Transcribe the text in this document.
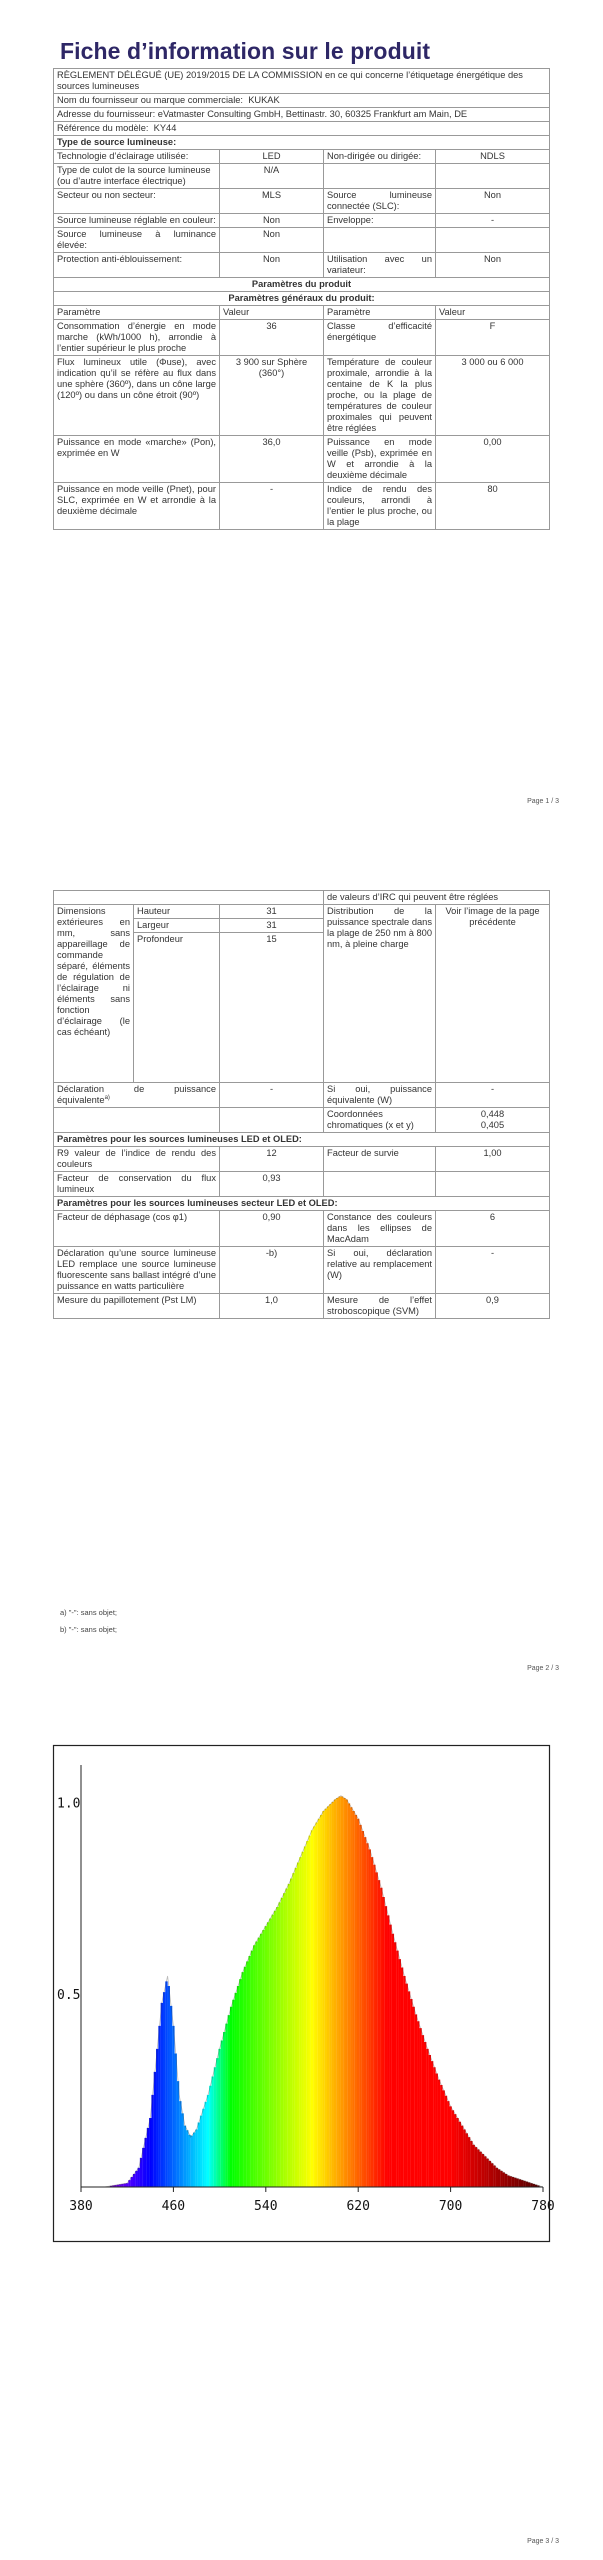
Fiche d’information sur le produit
RÈGLEMENT DÉLÉGUÉ (UE) 2019/2015 DE LA COMMISSION en ce qui concerne l’étiquetage énergétique des sources lumineuses			
Nom du fournisseur ou marque commerciale: KUKAK			
Adresse du fournisseur: eVatmaster Consulting GmbH, Bettinastr. 30, 60325 Frankfurt am Main, DE			
Référence du modèle: KY44			
Type de source lumineuse:			
Technologie d’éclairage utilisée:	LED	Non-dirigée ou dirigée:	NDLS
Type de culot de la source lumineuse
(ou d’autre interface électrique)	N/A		
Secteur ou non secteur:	MLS	Source lumineuse connectée (SLC):	Non
Source lumineuse réglable en couleur:	Non	Enveloppe:	-
Source lumineuse à luminance élevée:	Non		
Protection anti-éblouissement:	Non	Utilisation avec un variateur:	Non
Paramètres du produit			
Paramètres généraux du produit:			
Paramètre	Valeur	Paramètre	Valeur
Consommation d’énergie en mode marche (kWh/1000 h), arrondie à l’entier supérieur le plus proche	36	Classe d’efficacité énergétique	F
Flux lumineux utile (Φuse), avec indication qu’il se réfère au flux dans une sphère (360º), dans un cône large (120º) ou dans un cône étroit (90º)	3 900 sur Sphère (360°)	Température de couleur proximale, arrondie à la centaine de K la plus proche, ou la plage de températures de couleur proximales qui peuvent être réglées	3 000 ou 6 000
Puissance en mode «marche» (Pon), exprimée en W	36,0	Puissance en mode veille (Psb), exprimée en W et arrondie à la deuxième décimale	0,00
Puissance en mode veille (Pnet), pour SLC, exprimée en W et arrondie à la deuxième décimale	-	Indice de rendu des couleurs, arrondi à l’entier le plus proche, ou la plage	80
Page 1 / 3
			de valeurs d’IRC qui peuvent être réglées	
Dimensions extérieures en mm, sans appareillage de commande séparé, éléments de régulation de l’éclairage ni éléments sans fonction d’éclairage (le cas échéant)	Hauteur	31	Distribution de la puissance spectrale dans la plage de 250 nm à 800 nm, à pleine charge	Voir l’image de la page précédente
	Largeur	31		
	Profondeur	15		
Déclaration de puissance équivalente$^{a)}$		-	Si oui, puissance équivalente (W)	-
			Coordonnées chromatiques (x et y)	0,448
0,405
Paramètres pour les sources lumineuses LED et OLED:				
R9 valeur de l’indice de rendu des couleurs		12	Facteur de survie	1,00
Facteur de conservation du flux lumineux		0,93		
Paramètres pour les sources lumineuses secteur LED et OLED:				
Facteur de déphasage (cos φ1)		0,90	Constance des couleurs dans les ellipses de MacAdam	6
Déclaration qu’une source lumineuse LED remplace une source lumineuse fluorescente sans ballast intégré d’une puissance en watts particulière		-b)	Si oui, déclaration relative au remplacement (W)	-
Mesure du papillotement (Pst LM)		1,0	Mesure de l’effet stroboscopique (SVM)	0,9
a) "-": sans objet;
b) "-": sans objet;
Page 2 / 3
Page 3 / 3
380	460	540	620	700	780
0.5
1.0
